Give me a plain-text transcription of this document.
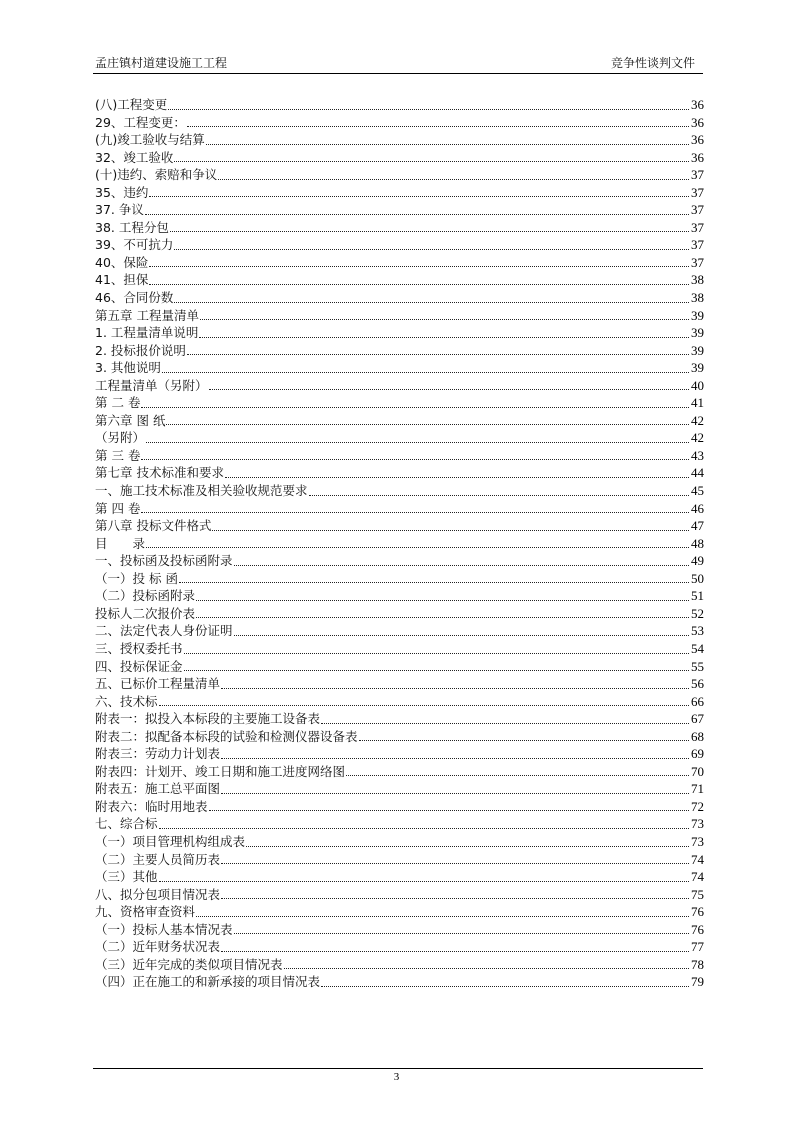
孟庄镇村道建设施工工程	竞争性谈判文件
(八)工程变更	36
29、工程变更：	36
(九)竣工验收与结算	36
32、竣工验收	36
(十)违约、索赔和争议	37
35、违约	37
37. 争议	37
38. 工程分包	37
39、不可抗力	37
40、保险	37
41、担保	38
46、合同份数	38
第五章 工程量清单	39
1. 工程量清单说明	39
2. 投标报价说明	39
3. 其他说明	39
工程量清单（另附）	40
第 二 卷	41
第六章 图 纸	42
（另附）	42
第 三 卷	43
第七章 技术标准和要求	44
一、施工技术标准及相关验收规范要求	45
第 四 卷	46
第八章 投标文件格式	47
目　　录	48
一、投标函及投标函附录	49
（一）投 标 函	50
（二）投标函附录	51
投标人二次报价表	52
二、法定代表人身份证明	53
三、授权委托书	54
四、投标保证金	55
五、已标价工程量清单	56
六、技术标	66
附表一：拟投入本标段的主要施工设备表	67
附表二：拟配备本标段的试验和检测仪器设备表	68
附表三：劳动力计划表	69
附表四：计划开、竣工日期和施工进度网络图	70
附表五：施工总平面图	71
附表六：临时用地表	72
七、综合标	73
（一）项目管理机构组成表	73
（二）主要人员简历表	74
（三）其他	74
八、拟分包项目情况表	75
九、资格审查资料	76
（一）投标人基本情况表	76
（二）近年财务状况表	77
（三）近年完成的类似项目情况表	78
（四）正在施工的和新承接的项目情况表	79
3
